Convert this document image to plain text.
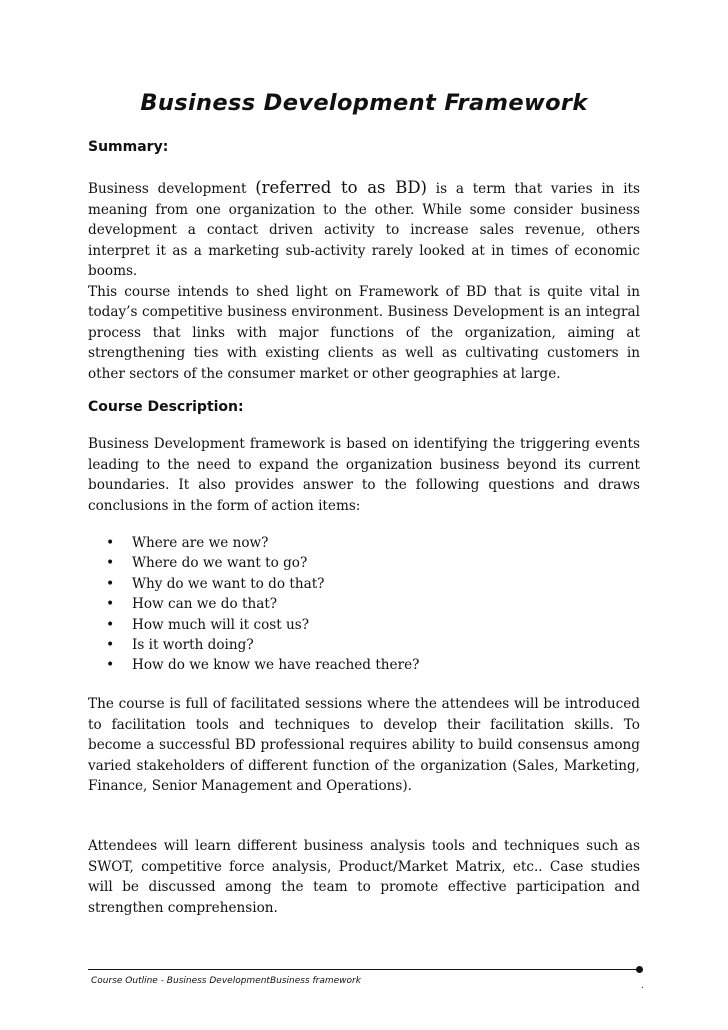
Business Development Framework
Summary:

Business development (referred to as BD) is a term that varies in its meaning from one organization to the other. While some consider business development a contact driven activity to increase sales revenue, others interpret it as a marketing sub-activity rarely looked at in times of economic booms.

This course intends to shed light on Framework of BD that is quite vital in today’s competitive business environment. Business Development is an integral process that links with major functions of the organization, aiming at strengthening ties with existing clients as well as cultivating customers in other sectors of the consumer market or other geographies at large.

Course Description:
Business Development framework is based on identifying the triggering events leading to the need to expand the organization business beyond its current boundaries. It also provides answer to the following questions and draws conclusions in the form of action items:
• Where are we now?
• Where do we want to go?
• Why do we want to do that?
• How can we do that?
• How much will it cost us?
• Is it worth doing?
• How do we know we have reached there?
The course is full of facilitated sessions where the attendees will be introduced to facilitation tools and techniques to develop their facilitation skills. To become a successful BD professional requires ability to build consensus among varied stakeholders of different function of the organization (Sales, Marketing, Finance, Senior Management and Operations).
Attendees will learn different business analysis tools and techniques such as SWOT, competitive force analysis, Product/Market Matrix, etc.. Case studies will be discussed among the team to promote effective participation and strengthen comprehension.
Course Outline - Business DevelopmentBusiness framework	.
